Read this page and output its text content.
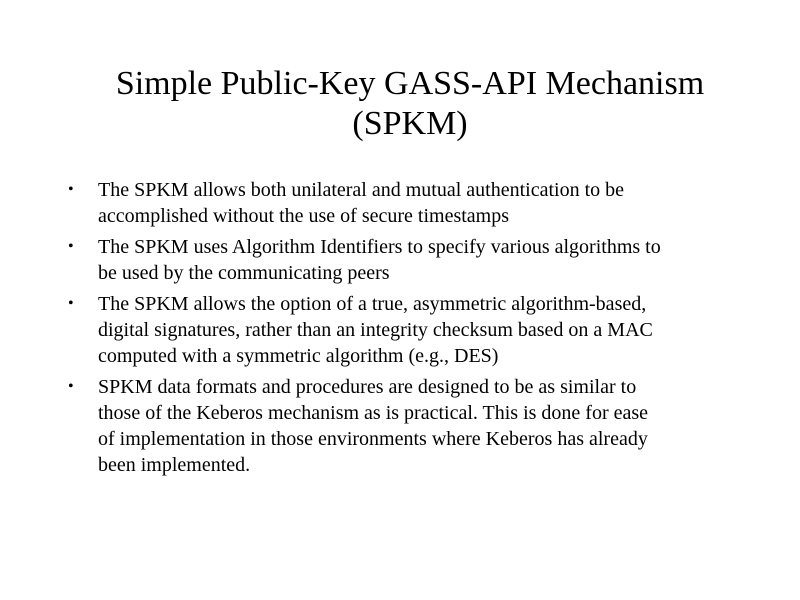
Simple Public-Key GASS-API Mechanism
(SPKM)
• The SPKM allows both unilateral and mutual authentication to be
accomplished without the use of secure timestamps
• The SPKM uses Algorithm Identifiers to specify various algorithms to
be used by the communicating peers
• The SPKM allows the option of a true, asymmetric algorithm-based,
digital signatures, rather than an integrity checksum based on a MAC
computed with a symmetric algorithm (e.g., DES)
• SPKM data formats and procedures are designed to be as similar to
those of the Keberos mechanism as is practical. This is done for ease
of implementation in those environments where Keberos has already
been implemented.
